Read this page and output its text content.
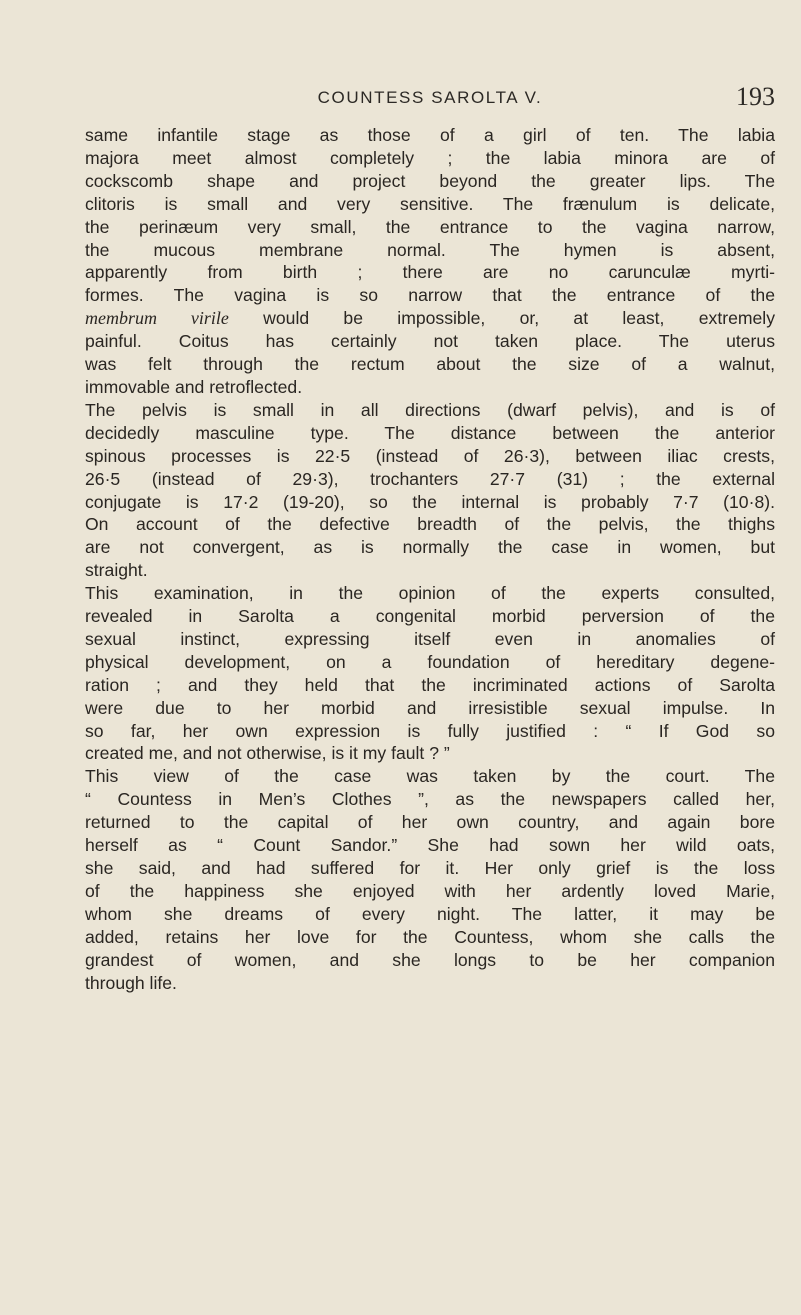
COUNTESS SAROLTA V.	193
same infantile stage as those of a girl of ten. The labia
majora meet almost completely ; the labia minora are of
cockscomb shape and project beyond the greater lips. The
clitoris is small and very sensitive. The frænulum is delicate,
the perinæum very small, the entrance to the vagina narrow,
the mucous membrane normal. The hymen is absent,
apparently from birth ; there are no carunculæ myrti-
formes. The vagina is so narrow that the entrance of the
membrum virile would be impossible, or, at least, extremely
painful. Coitus has certainly not taken place. The uterus
was felt through the rectum about the size of a walnut,
immovable and retroflected.
The pelvis is small in all directions (dwarf pelvis), and is of
decidedly masculine type. The distance between the anterior
spinous processes is 22·5 (instead of 26·3), between iliac crests,
26·5 (instead of 29·3), trochanters 27·7 (31) ; the external
conjugate is 17·2 (19-20), so the internal is probably 7·7 (10·8).
On account of the defective breadth of the pelvis, the thighs
are not convergent, as is normally the case in women, but
straight.
This examination, in the opinion of the experts consulted,
revealed in Sarolta a congenital morbid perversion of the
sexual instinct, expressing itself even in anomalies of
physical development, on a foundation of hereditary degene-
ration ; and they held that the incriminated actions of Sarolta
were due to her morbid and irresistible sexual impulse. In
so far, her own expression is fully justified : “ If God so
created me, and not otherwise, is it my fault ? ”
This view of the case was taken by the court. The
“ Countess in Men’s Clothes ”, as the newspapers called her,
returned to the capital of her own country, and again bore
herself as “ Count Sandor.” She had sown her wild oats,
she said, and had suffered for it. Her only grief is the loss
of the happiness she enjoyed with her ardently loved Marie,
whom she dreams of every night. The latter, it may be
added, retains her love for the Countess, whom she calls the
grandest of women, and she longs to be her companion
through life.
